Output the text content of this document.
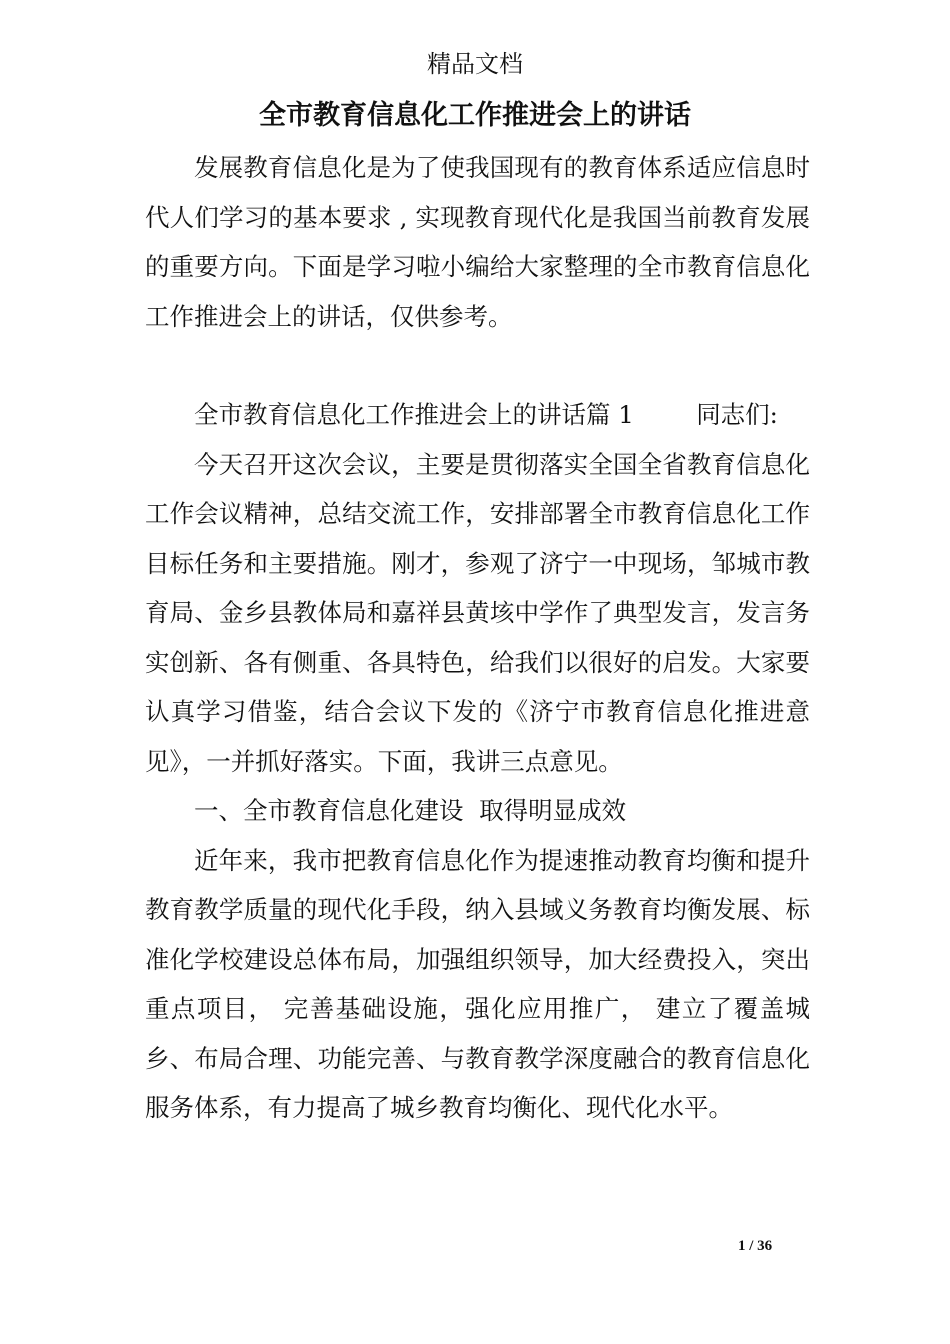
精品文档
全市教育信息化工作推进会上的讲话

发展教育信息化是为了使我国现有的教育体系适应信息时代人们学习的基本要求 , 实现教育现代化是我国当前教育发展的重要方向。下面是学习啦小编给大家整理的全市教育信息化工作推进会上的讲话，仅供参考。

全市教育信息化工作推进会上的讲话篇 1	同志们:

今天召开这次会议，主要是贯彻落实全国全省教育信息化工作会议精神，总结交流工作，安排部署全市教育信息化工作目标任务和主要措施。刚才，参观了济宁一中现场，邹城市教育局、金乡县教体局和嘉祥县黄垓中学作了典型发言，发言务实创新、各有侧重、各具特色，给我们以很好的启发。大家要认真学习借鉴，结合会议下发的《济宁市教育信息化推进意见》，一并抓好落实。下面，我讲三点意见。

一、全市教育信息化建设  取得明显成效

近年来，我市把教育信息化作为提速推动教育均衡和提升教育教学质量的现代化手段，纳入县域义务教育均衡发展、标准化学校建设总体布局，加强组织领导，加大经费投入，突出重点项目， 完善基础设施，强化应用推广， 建立了覆盖城乡、布局合理、功能完善、与教育教学深度融合的教育信息化服务体系，有力提高了城乡教育均衡化、现代化水平。

1 / 36
